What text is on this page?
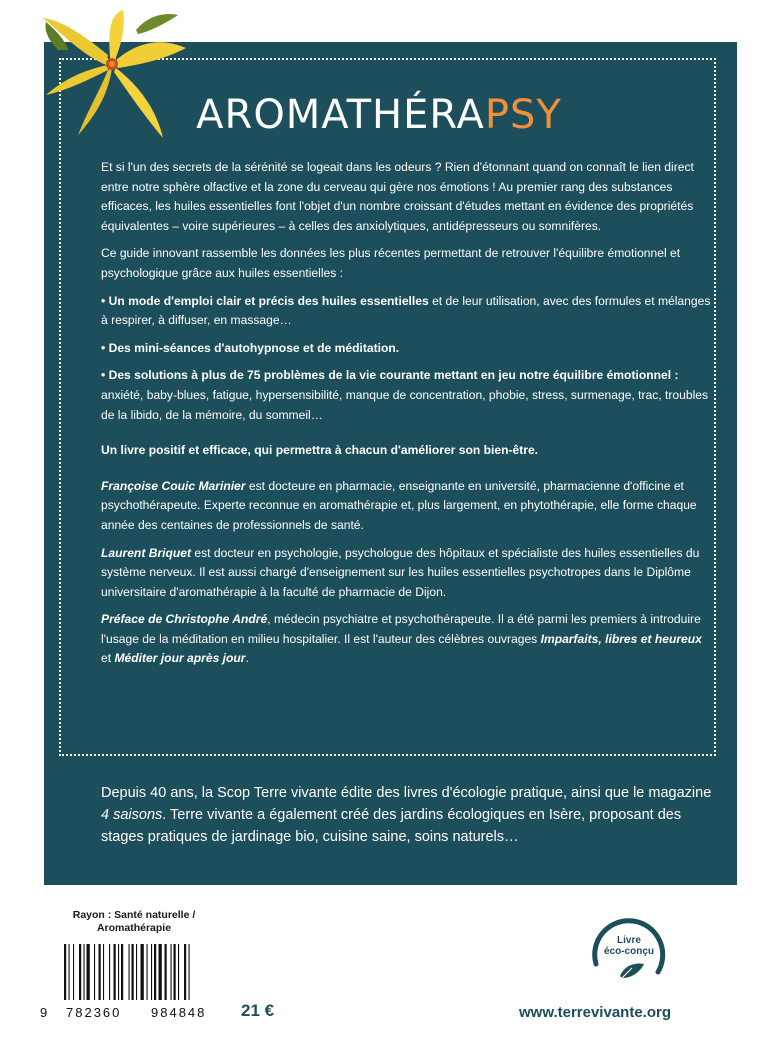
AROMATHÉRAPSY

Et si l'un des secrets de la sérénité se logeait dans les odeurs ? Rien d'étonnant quand on connaît le lien direct entre notre sphère olfactive et la zone du cerveau qui gère nos émotions ! Au premier rang des substances efficaces, les huiles essentielles font l'objet d'un nombre croissant d'études mettant en évidence des propriétés équivalentes – voire supérieures – à celles des anxiolytiques, antidépresseurs ou somnifères.

Ce guide innovant rassemble les données les plus récentes permettant de retrouver l'équilibre émotionnel et psychologique grâce aux huiles essentielles :

• Un mode d'emploi clair et précis des huiles essentielles et de leur utilisation, avec des formules et mélanges à respirer, à diffuser, en massage…

• Des mini-séances d'autohypnose et de méditation.

• Des solutions à plus de 75 problèmes de la vie courante mettant en jeu notre équilibre émotionnel : anxiété, baby-blues, fatigue, hypersensibilité, manque de concentration, phobie, stress, surmenage, trac, troubles de la libido, de la mémoire, du sommeil…

Un livre positif et efficace, qui permettra à chacun d'améliorer son bien-être.

Françoise Couic Marinier est docteure en pharmacie, enseignante en université, pharmacienne d'officine et psychothérapeute. Experte reconnue en aromathérapie et, plus largement, en phytothérapie, elle forme chaque année des centaines de professionnels de santé.

Laurent Briquet est docteur en psychologie, psychologue des hôpitaux et spécialiste des huiles essentielles du système nerveux. Il est aussi chargé d'enseignement sur les huiles essentielles psychotropes dans le Diplôme universitaire d'aromathérapie à la faculté de pharmacie de Dijon.

Préface de Christophe André, médecin psychiatre et psychothérapeute. Il a été parmi les premiers à introduire l'usage de la méditation en milieu hospitalier. Il est l'auteur des célèbres ouvrages Imparfaits, libres et heureux et Méditer jour après jour.

Depuis 40 ans, la Scop Terre vivante édite des livres d'écologie pratique, ainsi que le magazine 4 saisons. Terre vivante a également créé des jardins écologiques en Isère, proposant des stages pratiques de jardinage bio, cuisine saine, soins naturels…
Rayon : Santé naturelle /
Aromathérapie
9 782360 984848 21 €
Livre
éco-conçu
www.terrevivante.org
